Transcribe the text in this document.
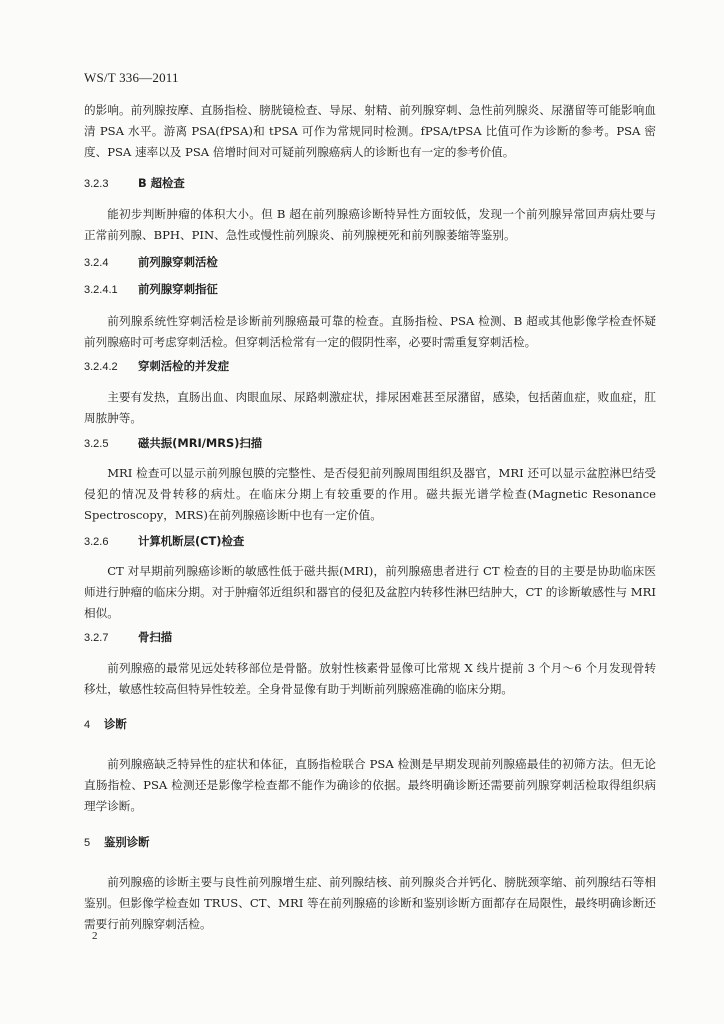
WS/T 336—2011

的影响。前列腺按摩、直肠指检、膀胱镜检查、导尿、射精、前列腺穿刺、急性前列腺炎、尿潴留等可能影响血清 PSA 水平。游离 PSA(fPSA)和 tPSA 可作为常规同时检测。fPSA/tPSA 比值可作为诊断的参考。PSA 密度、PSA 速率以及 PSA 倍增时间对可疑前列腺癌病人的诊断也有一定的参考价值。

3.2.3	B 超检查

能初步判断肿瘤的体积大小。但 B 超在前列腺癌诊断特异性方面较低，发现一个前列腺异常回声病灶要与正常前列腺、BPH、PIN、急性或慢性前列腺炎、前列腺梗死和前列腺萎缩等鉴别。

3.2.4	前列腺穿刺活检

3.2.4.1 前列腺穿刺指征

前列腺系统性穿刺活检是诊断前列腺癌最可靠的检查。直肠指检、PSA 检测、B 超或其他影像学检查怀疑前列腺癌时可考虑穿刺活检。但穿刺活检常有一定的假阴性率，必要时需重复穿刺活检。

3.2.4.2 穿刺活检的并发症

主要有发热，直肠出血、肉眼血尿、尿路刺激症状，排尿困难甚至尿潴留，感染，包括菌血症，败血症，肛周脓肿等。

3.2.5	磁共振(MRI/MRS)扫描

MRI 检查可以显示前列腺包膜的完整性、是否侵犯前列腺周围组织及器官，MRI 还可以显示盆腔淋巴结受侵犯的情况及骨转移的病灶。在临床分期上有较重要的作用。磁共振光谱学检查(Magnetic Resonance Spectroscopy，MRS)在前列腺癌诊断中也有一定价值。

3.2.6	计算机断层(CT)检查

CT 对早期前列腺癌诊断的敏感性低于磁共振(MRI)，前列腺癌患者进行 CT 检查的目的主要是协助临床医师进行肿瘤的临床分期。对于肿瘤邻近组织和器官的侵犯及盆腔内转移性淋巴结肿大，CT 的诊断敏感性与 MRI 相似。

3.2.7	骨扫描

前列腺癌的最常见远处转移部位是骨骼。放射性核素骨显像可比常规 X 线片提前 3 个月～6 个月发现骨转移灶，敏感性较高但特异性较差。全身骨显像有助于判断前列腺癌准确的临床分期。

4 诊断

前列腺癌缺乏特异性的症状和体征，直肠指检联合 PSA 检测是早期发现前列腺癌最佳的初筛方法。但无论直肠指检、PSA 检测还是影像学检查都不能作为确诊的依据。最终明确诊断还需要前列腺穿刺活检取得组织病理学诊断。

5 鉴别诊断

前列腺癌的诊断主要与良性前列腺增生症、前列腺结核、前列腺炎合并钙化、膀胱颈挛缩、前列腺结石等相鉴别。但影像学检查如 TRUS、CT、MRI 等在前列腺癌的诊断和鉴别诊断方面都存在局限性，最终明确诊断还需要行前列腺穿刺活检。

2
